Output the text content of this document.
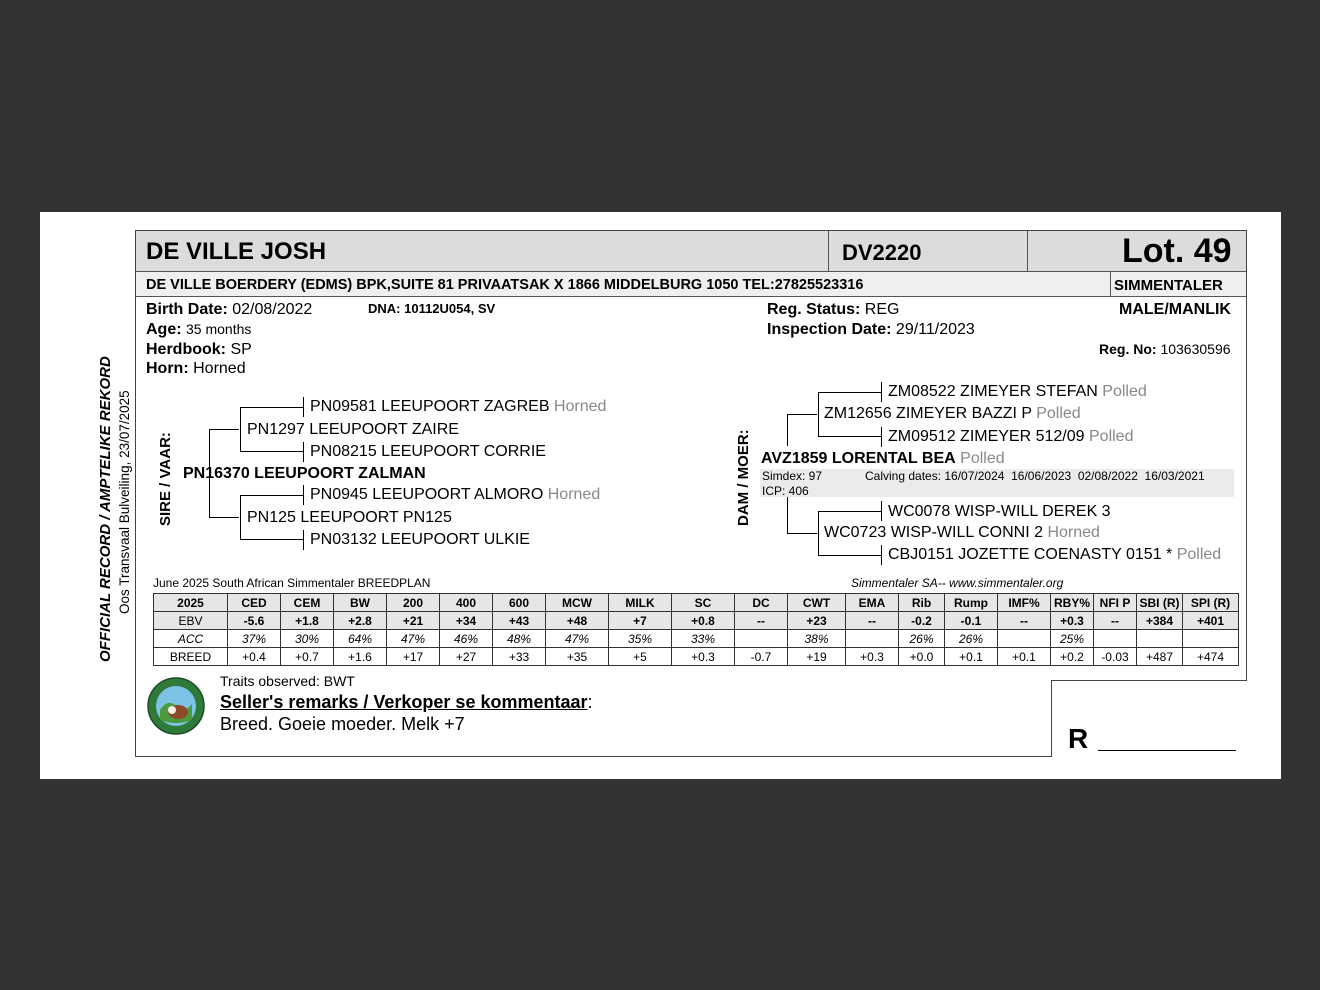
DE VILLE JOSH	DV2220	Lot. 49
DE VILLE BOERDERY (EDMS) BPK,SUITE 81 PRIVAATSAK X 1866 MIDDELBURG 1050 TEL:27825523316	SIMMENTALER
Birth Date: 02/08/2022	DNA: 10112U054, SV
Age: 35 months
Herdbook: SP
Horn: Horned
Reg. Status: REG
Inspection Date: 29/11/2023
MALE/MANLIK
Reg. No: 103630596
OFFICIAL RECORD / AMPTELIKE REKORD Oos Transvaal Bulveiling, 23/07/2025 SIRE / VAAR:
PN09581 LEEUPOORT ZAGREB Horned
PN1297 LEEUPOORT ZAIRE
PN08215 LEEUPOORT CORRIE
PN16370 LEEUPOORT ZALMAN
PN0945 LEEUPOORT ALMORO Horned
PN125 LEEUPOORT PN125
PN03132 LEEUPOORT ULKIE
DAM / MOER:
ZM08522 ZIMEYER STEFAN Polled
ZM12656 ZIMEYER BAZZI P Polled
ZM09512 ZIMEYER 512/09 Polled
AVZ1859 LORENTAL BEA Polled
Simdex: 97
ICP: 406
Calving dates: 16/07/2024  16/06/2023  02/08/2022  16/03/2021
WC0078 WISP-WILL DEREK 3
WC0723 WISP-WILL CONNI 2 Horned
CBJ0151 JOZETTE COENASTY 0151 * Polled
June 2025 South African Simmentaler BREEDPLAN	Simmentaler SA-- www.simmentaler.org
2025	CED	CEM	BW	200	400	600	MCW	MILK	SC	DC	CWT	EMA	Rib	Rump	IMF%	RBY%	NFI P	SBI (R)	SPI (R)
EBV	-5.6	+1.8	+2.8	+21	+34	+43	+48	+7	+0.8	--	+23	--	-0.2	-0.1	--	+0.3	--	+384	+401
ACC	37%	30%	64%	47%	46%	48%	47%	35%	33%		38%		26%	26%		25%			
BREED	+0.4	+0.7	+1.6	+17	+27	+33	+35	+5	+0.3	-0.7	+19	+0.3	+0.0	+0.1	+0.1	+0.2	-0.03	+487	+474
Traits observed: BWT
Seller's remarks / Verkoper se kommentaar:
Breed. Goeie moeder. Melk +7	R
